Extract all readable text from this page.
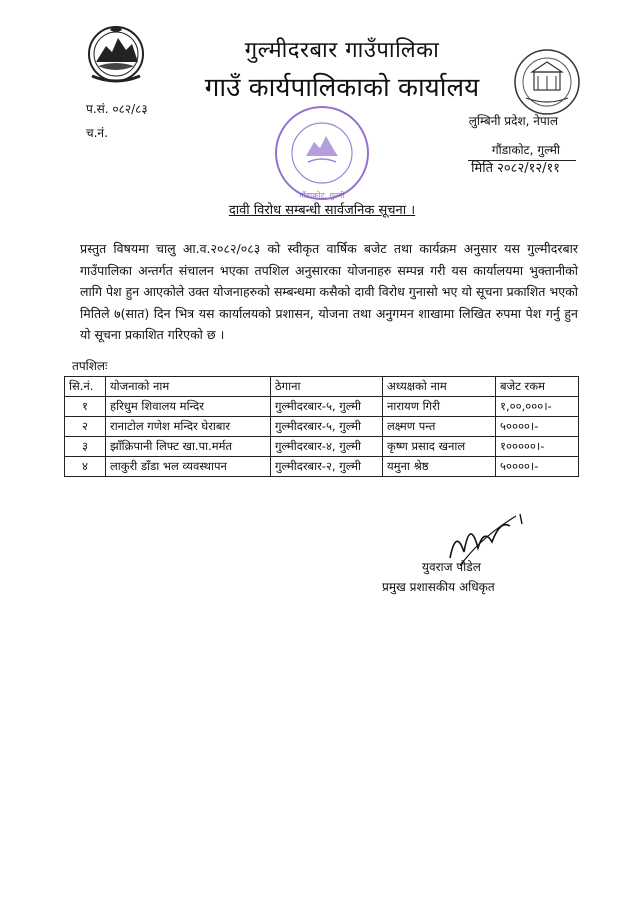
गुल्मीदरबार गाउँपालिका
गाउँ कार्यपालिकाको कार्यालय
प.सं. ०८२/८३
च.नं.
गौंडाकोट, गुल्मी
लुम्बिनी प्रदेश, नेपाल
गौंडाकोट, गुल्मी
मिति २०८२/१२/११
दावी विरोध सम्बन्धी सार्वजनिक सूचना ।
प्रस्तुत विषयमा चालु आ.व.२०८२/०८३ को स्वीकृत वार्षिक बजेट तथा कार्यक्रम अनुसार यस गुल्मीदरबार गाउँपालिका अन्तर्गत संचालन भएका तपशिल अनुसारका योजनाहरु सम्पन्न गरी यस कार्यालयमा भुक्तानीको लागि पेश हुन आएकोले उक्त योजनाहरुको सम्बन्धमा कसैको दावी विरोध गुनासो भए यो सूचना प्रकाशित भएको मितिले ७(सात) दिन भित्र यस कार्यालयको प्रशासन, योजना तथा अनुगमन शाखामा लिखित रुपमा पेश गर्नु हुन यो सूचना प्रकाशित गरिएको छ ।
तपशिलः
सि.नं.	योजनाको नाम	ठेगाना	अध्यक्षको नाम	बजेट रकम
१	हरिधुम शिवालय मन्दिर	गुल्मीदरबार-५, गुल्मी	नारायण गिरी	१,००,०००।-
२	रानाटोल गणेश मन्दिर घेराबार	गुल्मीदरबार-५, गुल्मी	लक्ष्मण पन्त	५००००।-
३	झाँक्रिपानी लिफ्ट खा.पा.मर्मत	गुल्मीदरबार-४, गुल्मी	कृष्ण प्रसाद खनाल	१०००००।-
४	लाकुरी डाँडा भल व्यवस्थापन	गुल्मीदरबार-२, गुल्मी	यमुना श्रेष्ठ	५००००।-
युवराज पौडेल
प्रमुख प्रशासकीय अधिकृत
